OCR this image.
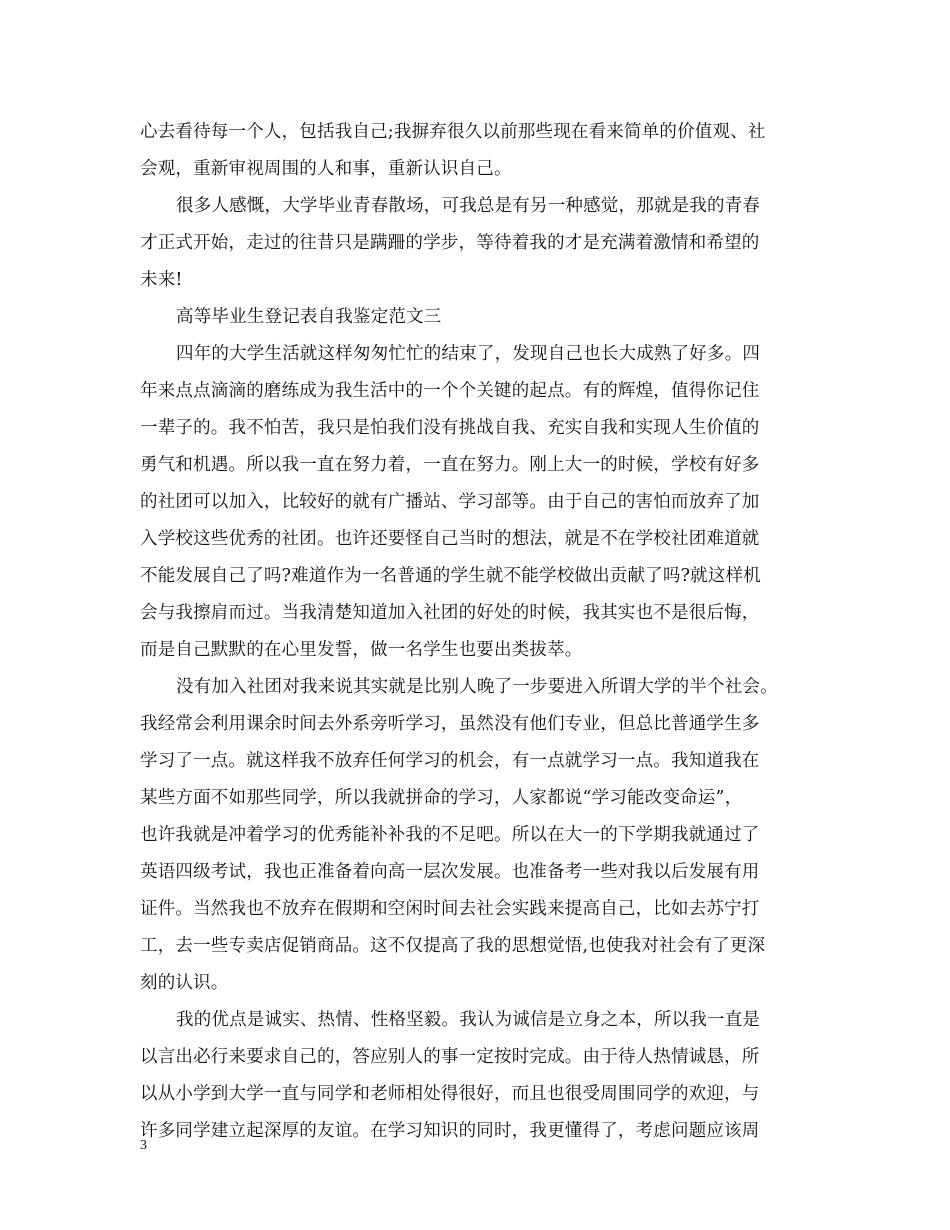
心去看待每一个人，包括我自己;我摒弃很久以前那些现在看来简单的价值观、社
会观，重新审视周围的人和事，重新认识自己。
很多人感慨，大学毕业青春散场，可我总是有另一种感觉，那就是我的青春
才正式开始，走过的往昔只是蹒跚的学步，等待着我的才是充满着激情和希望的
未来!
高等毕业生登记表自我鉴定范文三
四年的大学生活就这样匆匆忙忙的结束了，发现自己也长大成熟了好多。四
年来点点滴滴的磨练成为我生活中的一个个关键的起点。有的辉煌，值得你记住
一辈子的。我不怕苦，我只是怕我们没有挑战自我、充实自我和实现人生价值的
勇气和机遇。所以我一直在努力着，一直在努力。刚上大一的时候，学校有好多
的社团可以加入，比较好的就有广播站、学习部等。由于自己的害怕而放弃了加
入学校这些优秀的社团。也许还要怪自己当时的想法，就是不在学校社团难道就
不能发展自己了吗?难道作为一名普通的学生就不能学校做出贡献了吗?就这样机
会与我擦肩而过。当我清楚知道加入社团的好处的时候，我其实也不是很后悔，
而是自己默默的在心里发誓，做一名学生也要出类拔萃。
没有加入社团对我来说其实就是比别人晚了一步要进入所谓大学的半个社会。
我经常会利用课余时间去外系旁听学习，虽然没有他们专业，但总比普通学生多
学习了一点。就这样我不放弃任何学习的机会，有一点就学习一点。我知道我在
某些方面不如那些同学，所以我就拼命的学习，人家都说“学习能改变命运”，
也许我就是冲着学习的优秀能补补我的不足吧。所以在大一的下学期我就通过了
英语四级考试，我也正准备着向高一层次发展。也准备考一些对我以后发展有用
证件。当然我也不放弃在假期和空闲时间去社会实践来提高自己，比如去苏宁打
工，去一些专卖店促销商品。这不仅提高了我的思想觉悟,也使我对社会有了更深
刻的认识。
我的优点是诚实、热情、性格坚毅。我认为诚信是立身之本，所以我一直是
以言出必行来要求自己的，答应别人的事一定按时完成。由于待人热情诚恳，所
以从小学到大学一直与同学和老师相处得很好，而且也很受周围同学的欢迎，与
许多同学建立起深厚的友谊。在学习知识的同时，我更懂得了，考虑问题应该周
3
